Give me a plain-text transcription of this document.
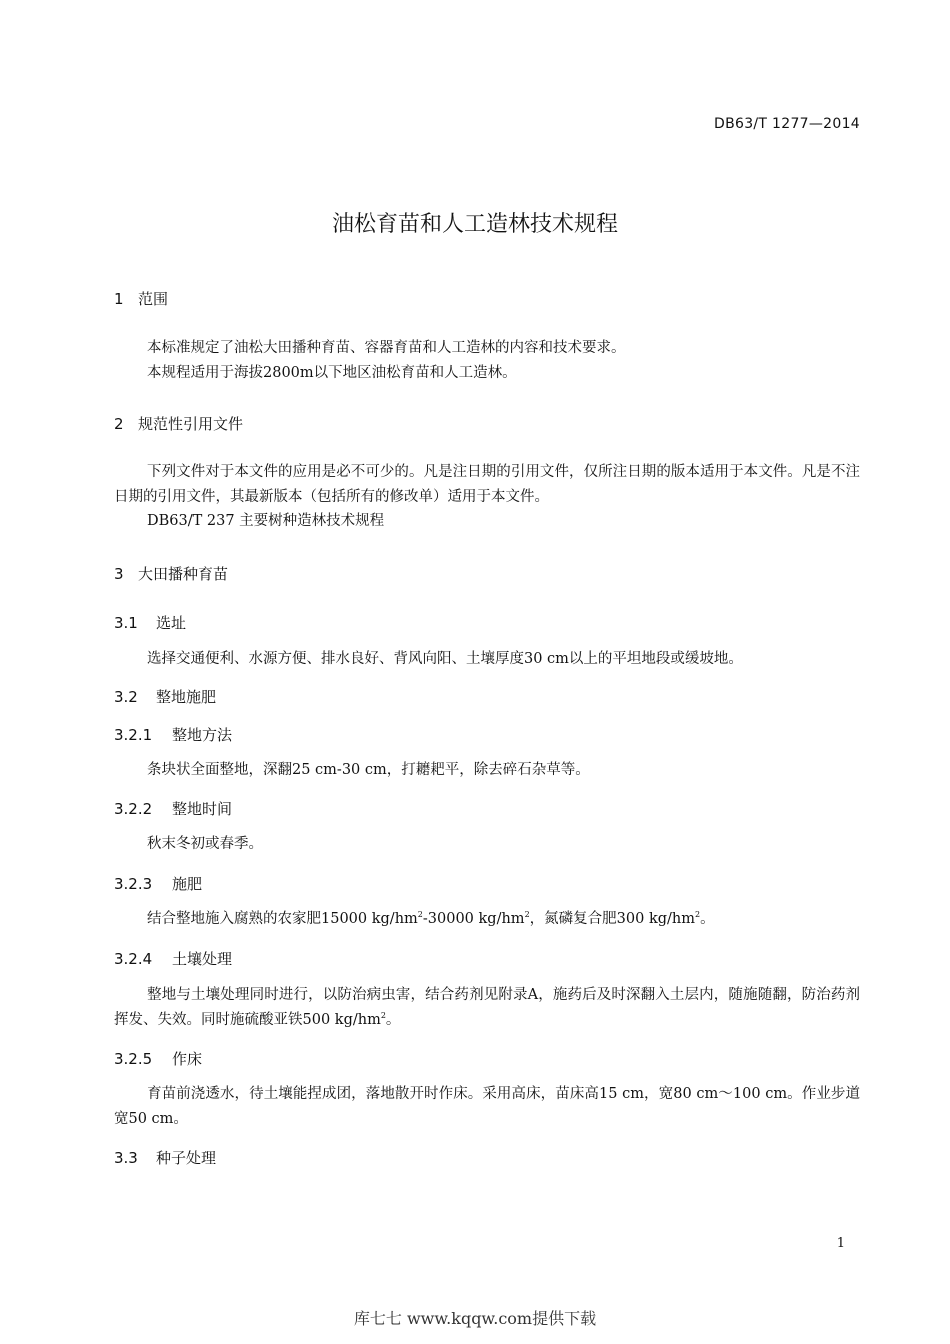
DB63/T 1277—2014
油松育苗和人工造林技术规程
1 范围
本标准规定了油松大田播种育苗、容器育苗和人工造林的内容和技术要求。
本规程适用于海拔2800m以下地区油松育苗和人工造林。
2 规范性引用文件
下列文件对于本文件的应用是必不可少的。凡是注日期的引用文件，仅所注日期的版本适用于本文件。凡是不注日期的引用文件，其最新版本（包括所有的修改单）适用于本文件。
DB63/T 237 主要树种造林技术规程
3 大田播种育苗
3.1 选址
选择交通便利、水源方便、排水良好、背风向阳、土壤厚度30 cm以上的平坦地段或缓坡地。
3.2 整地施肥
3.2.1 整地方法
条块状全面整地，深翻25 cm-30 cm，打耱耙平，除去碎石杂草等。
3.2.2 整地时间
秋末冬初或春季。
3.2.3 施肥
结合整地施入腐熟的农家肥15000 $kg/hm^2-30000$ $kg/hm^2$，氮磷复合肥300 $kg/hm^2$。
3.2.4 土壤处理
整地与土壤处理同时进行，以防治病虫害，结合药剂见附录A，施药后及时深翻入土层内，随施随翻，防治药剂挥发、失效。同时施硫酸亚铁500 $kg/hm^2$。
3.2.5 作床
育苗前浇透水，待土壤能捏成团，落地散开时作床。采用高床，苗床高15 cm，宽80 cm～100 cm。作业步道宽50 cm。
3.3 种子处理
1
库七七 www.kqqw.com提供下载
